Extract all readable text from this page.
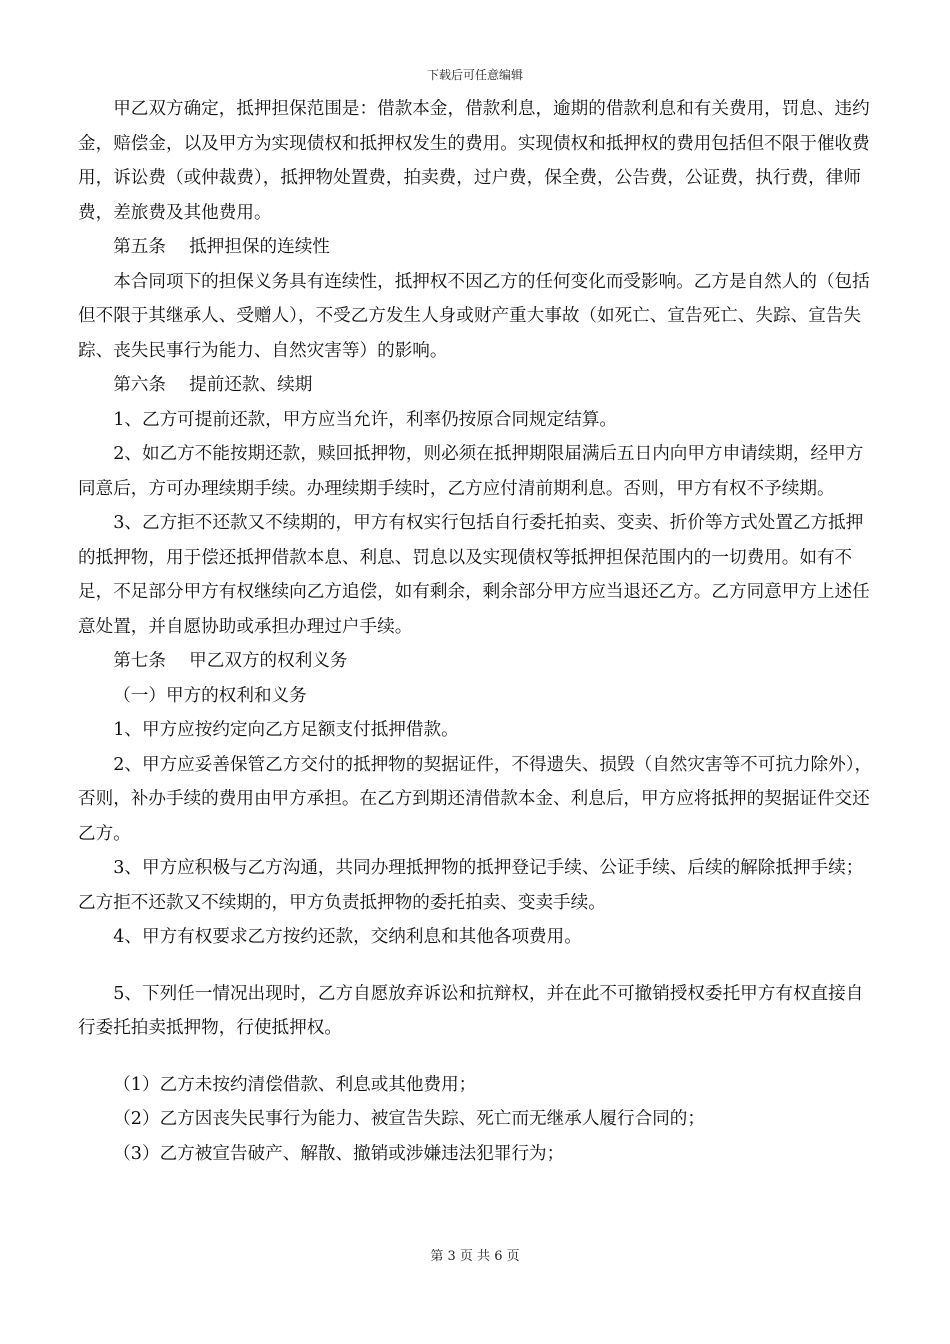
下载后可任意编辑

甲乙双方确定，抵押担保范围是：借款本金，借款利息，逾期的借款利息和有关费用，罚息、违约金，赔偿金，以及甲方为实现债权和抵押权发生的费用。实现债权和抵押权的费用包括但不限于催收费用，诉讼费（或仲裁费），抵押物处置费，拍卖费，过户费，保全费，公告费，公证费，执行费，律师费，差旅费及其他费用。

第五条　 抵押担保的连续性

本合同项下的担保义务具有连续性，抵押权不因乙方的任何变化而受影响。乙方是自然人的（包括但不限于其继承人、受赠人），不受乙方发生人身或财产重大事故（如死亡、宣告死亡、失踪、宣告失踪、丧失民事行为能力、自然灾害等）的影响。

第六条　 提前还款、续期

1、乙方可提前还款，甲方应当允许，利率仍按原合同规定结算。

2、如乙方不能按期还款，赎回抵押物，则必须在抵押期限届满后五日内向甲方申请续期，经甲方同意后，方可办理续期手续。办理续期手续时，乙方应付清前期利息。否则，甲方有权不予续期。

3、乙方拒不还款又不续期的，甲方有权实行包括自行委托拍卖、变卖、折价等方式处置乙方抵押的抵押物，用于偿还抵押借款本息、利息、罚息以及实现债权等抵押担保范围内的一切费用。如有不足，不足部分甲方有权继续向乙方追偿，如有剩余，剩余部分甲方应当退还乙方。乙方同意甲方上述任意处置，并自愿协助或承担办理过户手续。

第七条　 甲乙双方的权利义务

（一）甲方的权利和义务

1、甲方应按约定向乙方足额支付抵押借款。

2、甲方应妥善保管乙方交付的抵押物的契据证件，不得遗失、损毁（自然灾害等不可抗力除外），否则，补办手续的费用由甲方承担。在乙方到期还清借款本金、利息后，甲方应将抵押的契据证件交还乙方。

3、甲方应积极与乙方沟通，共同办理抵押物的抵押登记手续、公证手续、后续的解除抵押手续；乙方拒不还款又不续期的，甲方负责抵押物的委托拍卖、变卖手续。

4、甲方有权要求乙方按约还款，交纳利息和其他各项费用。

5、下列任一情况出现时，乙方自愿放弃诉讼和抗辩权，并在此不可撤销授权委托甲方有权直接自行委托拍卖抵押物，行使抵押权。

（1）乙方未按约清偿借款、利息或其他费用；

（2）乙方因丧失民事行为能力、被宣告失踪、死亡而无继承人履行合同的；

（3）乙方被宣告破产、解散、撤销或涉嫌违法犯罪行为；

第 3 页 共 6 页
